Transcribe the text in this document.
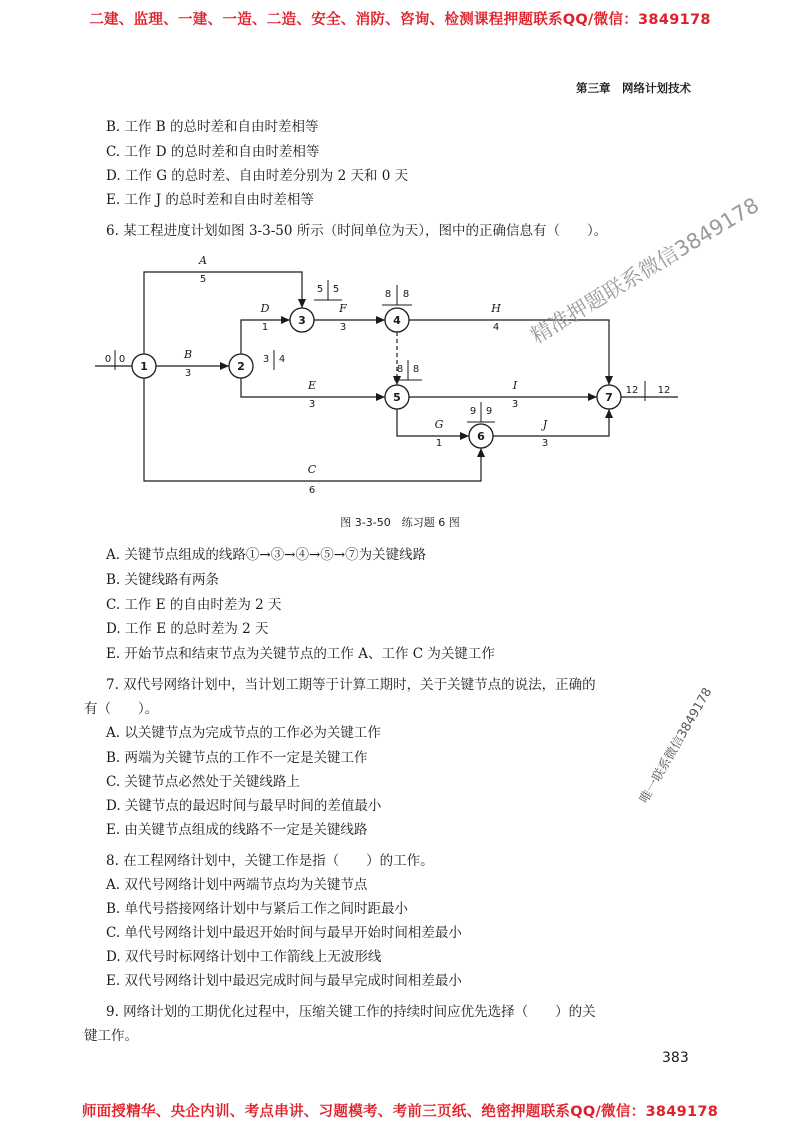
二建、监理、一建、一造、二造、安全、消防、咨询、检测课程押题联系QQ/微信：3849178
第三章　网络计划技术
B. 工作 B 的总时差和自由时差相等
C. 工作 D 的总时差和自由时差相等
D. 工作 G 的总时差、自由时差分别为 2 天和 0 天
E. 工作 J 的总时差和自由时差相等
6. 某工程进度计划如图 3-3-50 所示（时间单位为天），图中的正确信息有（　　）。
1	2
3	4
5
6
7
A
5
B
3
C
6
D
1
E
3
F
3
H
4
I
3
G
1
J
3
0 0	3 4
5 5	8 8
8 8
9 9
12 12
图 3-3-50　练习题 6 图
A. 关键节点组成的线路①→③→④→⑤→⑦为关键线路
B. 关键线路有两条
C. 工作 E 的自由时差为 2 天
D. 工作 E 的总时差为 2 天
E. 开始节点和结束节点为关键节点的工作 A、工作 C 为关键工作
7. 双代号网络计划中，当计划工期等于计算工期时，关于关键节点的说法，正确的
有（　　）。
A. 以关键节点为完成节点的工作必为关键工作
B. 两端为关键节点的工作不一定是关键工作
C. 关键节点必然处于关键线路上
D. 关键节点的最迟时间与最早时间的差值最小
E. 由关键节点组成的线路不一定是关键线路
8. 在工程网络计划中，关键工作是指（　　）的工作。
A. 双代号网络计划中两端节点均为关键节点
B. 单代号搭接网络计划中与紧后工作之间时距最小
C. 单代号网络计划中最迟开始时间与最早开始时间相差最小
D. 双代号时标网络计划中工作箭线上无波形线
E. 双代号网络计划中最迟完成时间与最早完成时间相差最小
9. 网络计划的工期优化过程中，压缩关键工作的持续时间应优先选择（　　）的关
键工作。
383
师面授精华、央企内训、考点串讲、习题模考、考前三页纸、绝密押题联系QQ/微信：3849178
精准押题联系微信3849178
唯一联系微信3849178
